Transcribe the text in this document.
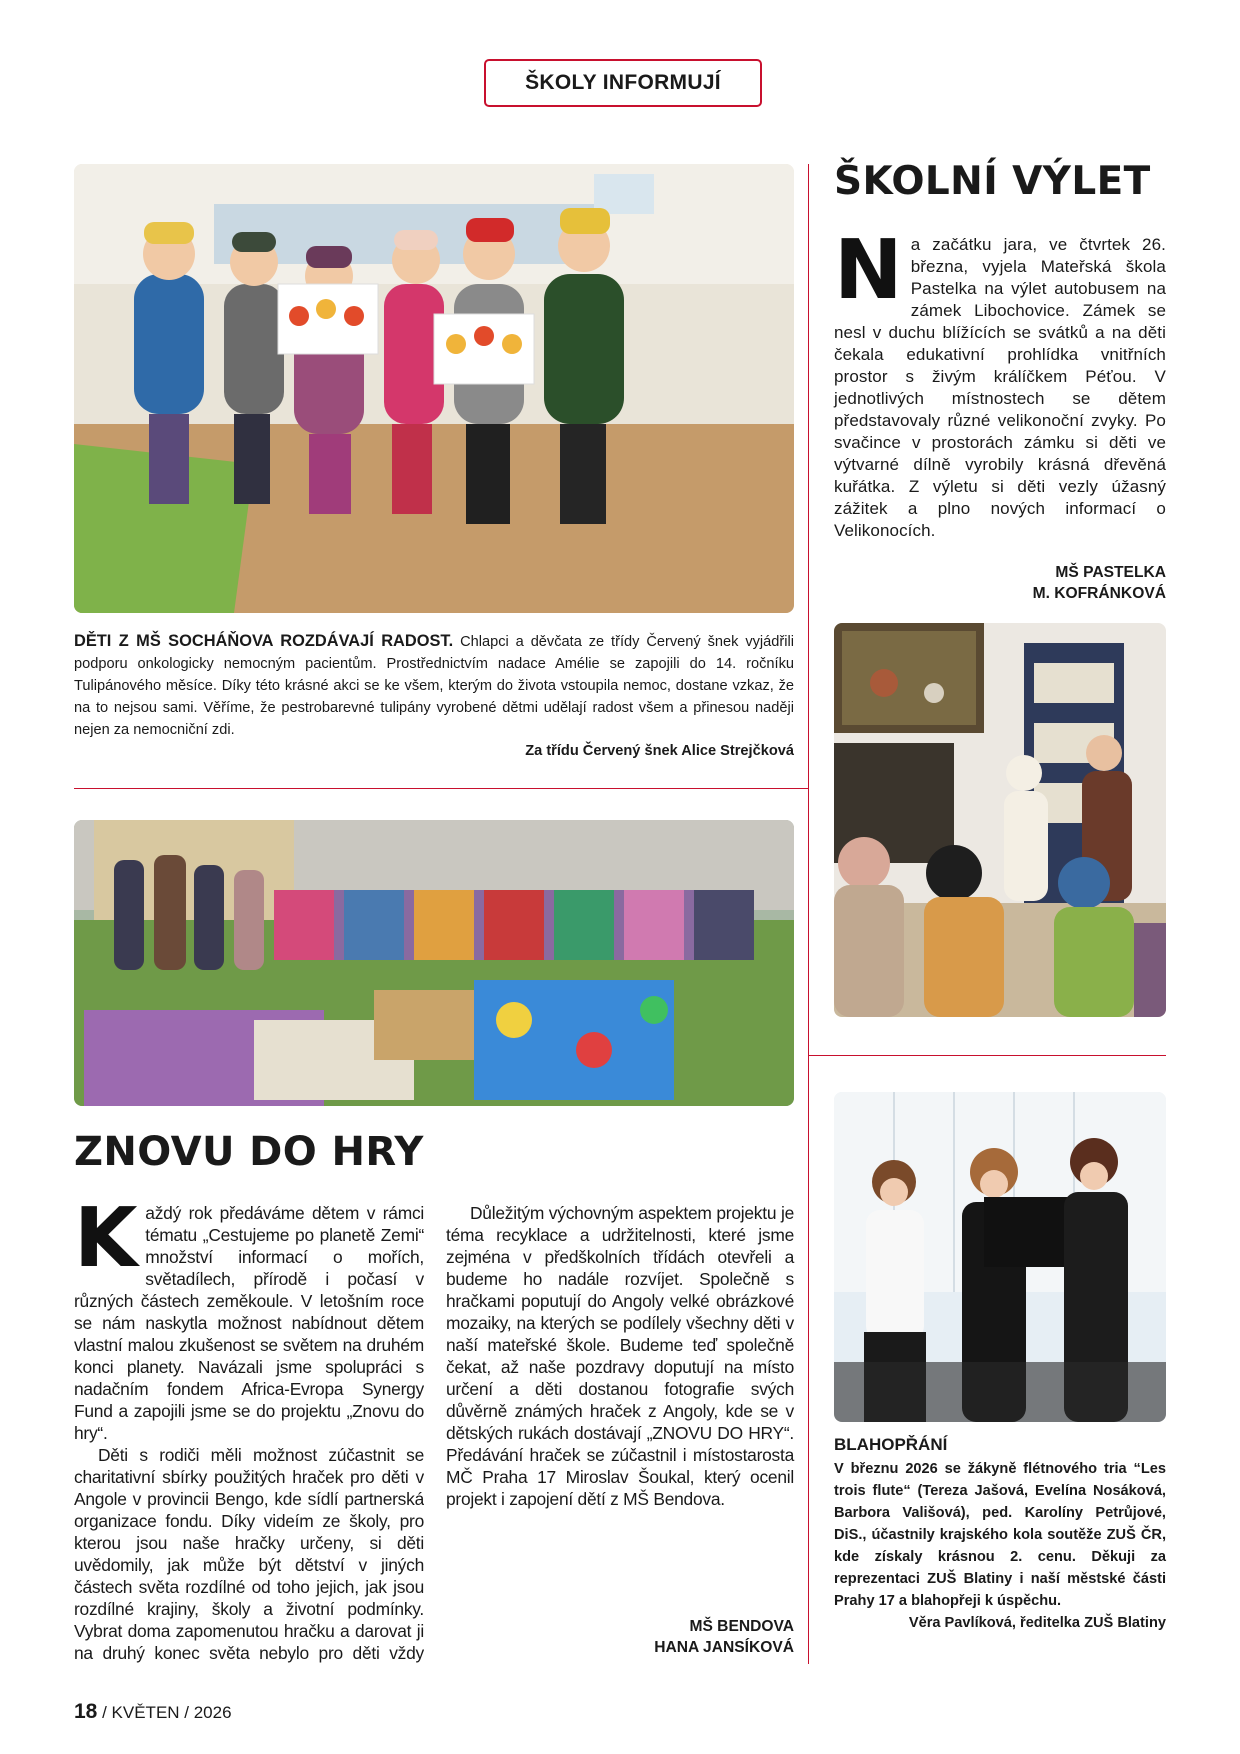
ŠKOLY INFORMUJÍ
DĚTI Z MŠ SOCHÁŇOVA ROZDÁVAJÍ RADOST. Chlapci a děvčata ze třídy Červený šnek vyjádřili podporu onkologicky nemocným pacientům. Prostřednictvím nadace Amélie se zapojili do 14. ročníku Tulipánového měsíce. Díky této krásné akci se ke všem, kterým do života vstoupila nemoc, dostane vzkaz, že na to nejsou sami. Věříme, že pestrobarevné tulipány vyrobené dětmi udělají radost všem a přinesou naději nejen za nemocniční zdi.
Za třídu Červený šnek Alice Strejčková
ZNOVU DO HRY

Každý rok předáváme dětem v rámci tématu „Cestujeme po planetě Zemi“ množství informací o mořích, světadílech, přírodě i počasí v různých částech zeměkoule. V letošním roce se nám naskytla možnost nabídnout dětem vlastní malou zkušenost se světem na druhém konci planety. Navázali jsme spolupráci s nadačním fondem Africa-Evropa Synergy Fund a zapojili jsme se do projektu „Znovu do hry“.

Děti s rodiči měli možnost zúčastnit se charitativní sbírky použitých hraček pro děti v Angole v provincii Bengo, kde sídlí partnerská organizace fondu. Díky videím ze školy, pro kterou jsou naše hračky určeny, si děti uvědomily, jak může být dětství v jiných částech světa rozdílné od toho jejich, jak jsou rozdílné krajiny, školy a životní podmínky. Vybrat doma zapomenutou hračku a darovat ji na druhý konec světa nebylo pro děti vždy

Důležitým výchovným aspektem projektu je téma recyklace a udržitelnosti, které jsme zejména v předškolních třídách otevřeli a budeme ho nadále rozvíjet. Společně s hračkami poputují do Angoly velké obrázkové mozaiky, na kterých se podílely všechny děti v naší mateřské škole. Budeme teď společně čekat, až naše pozdravy doputují na místo určení a děti dostanou fotografie svých důvěrně známých hraček z Angoly, kde se v dětských rukách dostávají „ZNOVU DO HRY“. Předávání hraček se zúčastnil i místostarosta MČ Praha 17 Miroslav Šoukal, který ocenil projekt i zapojení dětí z MŠ Bendova.

MŠ BENDOVA
HANA JANSÍKOVÁ
ŠKOLNÍ VÝLET

Na začátku jara, ve čtvrtek 26. března, vyjela Mateřská škola Pastelka na výlet autobusem na zámek Libochovice. Zámek se nesl v duchu blížících se svátků a na děti čekala edukativní prohlídka vnitřních prostor s živým králíčkem Péťou. V jednotlivých místnostech se dětem představovaly různé velikonoční zvyky. Po svačince v prostorách zámku si děti ve výtvarné dílně vyrobily krásná dřevěná kuřátka. Z výletu si děti vezly úžasný zážitek a plno nových informací o Velikonocích.

MŠ PASTELKA
M. KOFRÁNKOVÁ
BLAHOPŘÁNÍ
V březnu 2026 se žákyně flétnového tria “Les trois flute“ (Tereza Jašová, Evelína Nosáková, Barbora Vališová), ped. Karolíny Petrůjové, DiS., účastnily krajského kola soutěže ZUŠ ČR, kde získaly krásnou 2. cenu. Děkuji za reprezentaci ZUŠ Blatiny i naší městské části Prahy 17 a blahopřeji k úspěchu.
Věra Pavlíková, ředitelka ZUŠ Blatiny
18 / KVĚTEN / 2026
